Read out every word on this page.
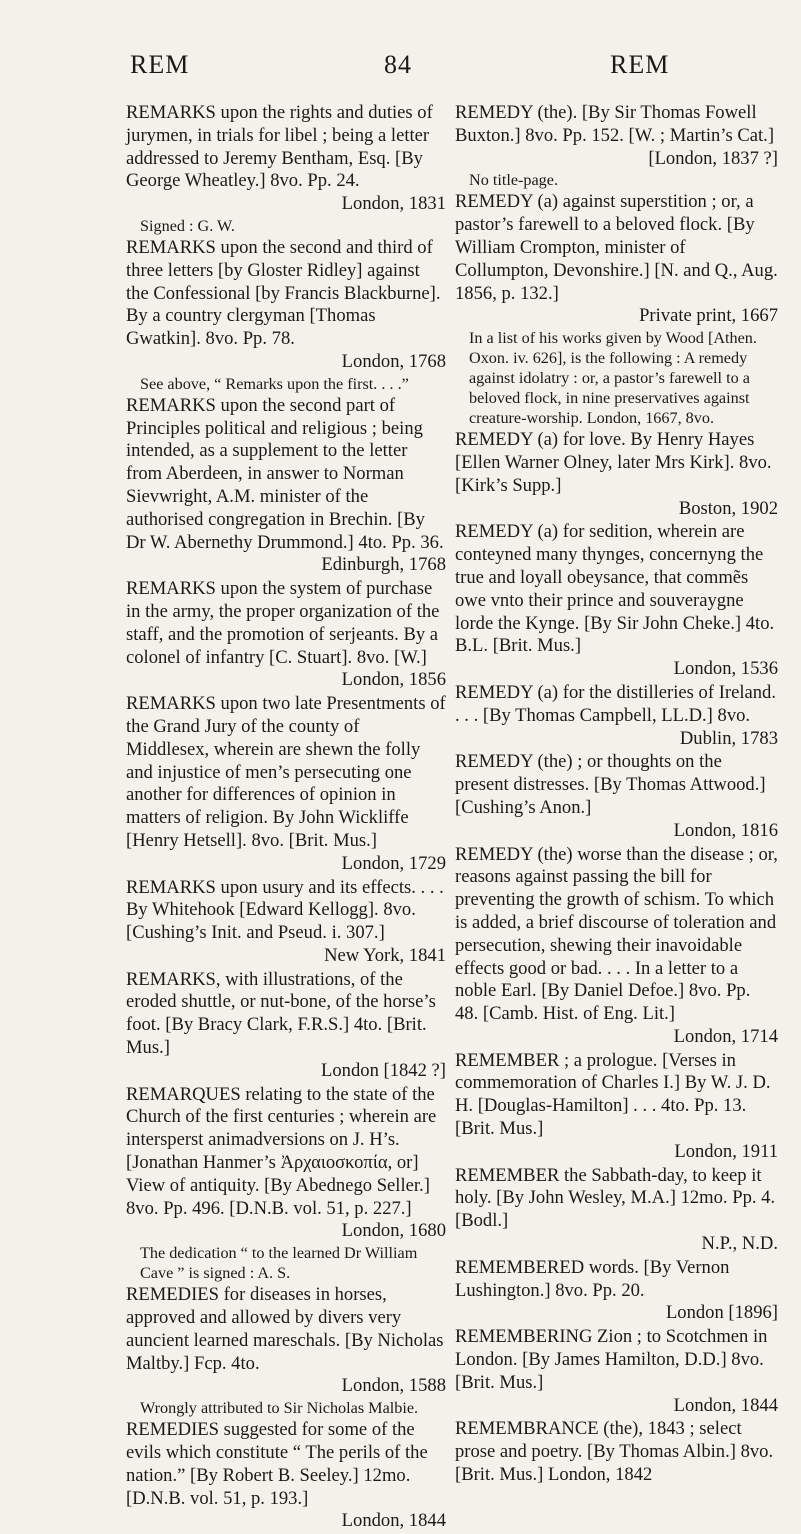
REM	84	REM

REMARKS upon the rights and duties of jurymen, in trials for libel ; being a letter addressed to Jeremy Bentham, Esq. [By George Wheatley.] 8vo. Pp. 24.

London, 1831

Signed : G. W.

REMARKS upon the second and third of three letters [by Gloster Ridley] against the Confessional [by Francis Blackburne]. By a country clergyman [Thomas Gwatkin]. 8vo. Pp. 78.

London, 1768

See above, “ Remarks upon the first. . . .”

REMARKS upon the second part of Principles political and religious ; being intended, as a supplement to the letter from Aberdeen, in answer to Norman Sievwright, A.M. minister of the authorised congregation in Brechin. [By Dr W. Abernethy Drummond.] 4to. Pp. 36.

Edinburgh, 1768

REMARKS upon the system of purchase in the army, the proper organization of the staff, and the promotion of serjeants. By a colonel of infantry [C. Stuart]. 8vo. [W.]

London, 1856

REMARKS upon two late Presentments of the Grand Jury of the county of Middlesex, wherein are shewn the folly and injustice of men’s persecuting one another for differences of opinion in matters of religion. By John Wickliffe [Henry Hetsell]. 8vo. [Brit. Mus.]

London, 1729

REMARKS upon usury and its effects. . . . By Whitehook [Edward Kellogg]. 8vo. [Cushing’s Init. and Pseud. i. 307.]

New York, 1841

REMARKS, with illustrations, of the eroded shuttle, or nut-bone, of the horse’s foot. [By Bracy Clark, F.R.S.] 4to. [Brit. Mus.]

London [1842 ?]

REMARQUES relating to the state of the Church of the first centuries ; wherein are intersperst animadversions on J. H’s. [Jonathan Hanmer’s Ἀρχαιοσκοπία, or] View of antiquity. [By Abednego Seller.] 8vo. Pp. 496. [D.N.B. vol. 51, p. 227.]

London, 1680

The dedication “ to the learned Dr William Cave ” is signed : A. S.

REMEDIES for diseases in horses, approved and allowed by divers very auncient learned mareschals. [By Nicholas Maltby.] Fcp. 4to.

London, 1588

Wrongly attributed to Sir Nicholas Malbie.

REMEDIES suggested for some of the evils which constitute “ The perils of the nation.” [By Robert B. Seeley.] 12mo. [D.N.B. vol. 51, p. 193.]

London, 1844

REMEDY (the). [By Sir Thomas Fowell Buxton.] 8vo. Pp. 152. [W. ; Martin’s Cat.]

[London, 1837 ?]

No title-page.

REMEDY (a) against superstition ; or, a pastor’s farewell to a beloved flock. [By William Crompton, minister of Collumpton, Devonshire.] [N. and Q., Aug. 1856, p. 132.]

Private print, 1667

In a list of his works given by Wood [Athen. Oxon. iv. 626], is the following : A remedy against idolatry : or, a pastor’s farewell to a beloved flock, in nine preservatives against creature-worship. London, 1667, 8vo.

REMEDY (a) for love. By Henry Hayes [Ellen Warner Olney, later Mrs Kirk]. 8vo. [Kirk’s Supp.]

Boston, 1902

REMEDY (a) for sedition, wherein are conteyned many thynges, concernyng the true and loyall obeysance, that commẽs owe vnto their prince and souveraygne lorde the Kynge. [By Sir John Cheke.] 4to. B.L. [Brit. Mus.]

London, 1536

REMEDY (a) for the distilleries of Ireland. . . . [By Thomas Campbell, LL.D.] 8vo.

Dublin, 1783

REMEDY (the) ; or thoughts on the present distresses. [By Thomas Attwood.] [Cushing’s Anon.]

London, 1816

REMEDY (the) worse than the disease ; or, reasons against passing the bill for preventing the growth of schism. To which is added, a brief discourse of toleration and persecution, shewing their inavoidable effects good or bad. . . . In a letter to a noble Earl. [By Daniel Defoe.] 8vo. Pp. 48. [Camb. Hist. of Eng. Lit.]

London, 1714

REMEMBER ; a prologue. [Verses in commemoration of Charles I.] By W. J. D. H. [Douglas-Hamilton] . . . 4to. Pp. 13. [Brit. Mus.]

London, 1911

REMEMBER the Sabbath-day, to keep it holy. [By John Wesley, M.A.] 12mo. Pp. 4. [Bodl.]

N.P., N.D.

REMEMBERED words. [By Vernon Lushington.] 8vo. Pp. 20.

London [1896]

REMEMBERING Zion ; to Scotchmen in London. [By James Hamilton, D.D.] 8vo. [Brit. Mus.]

London, 1844

REMEMBRANCE (the), 1843 ; select prose and poetry. [By Thomas Albin.] 8vo. [Brit. Mus.] London, 1842
